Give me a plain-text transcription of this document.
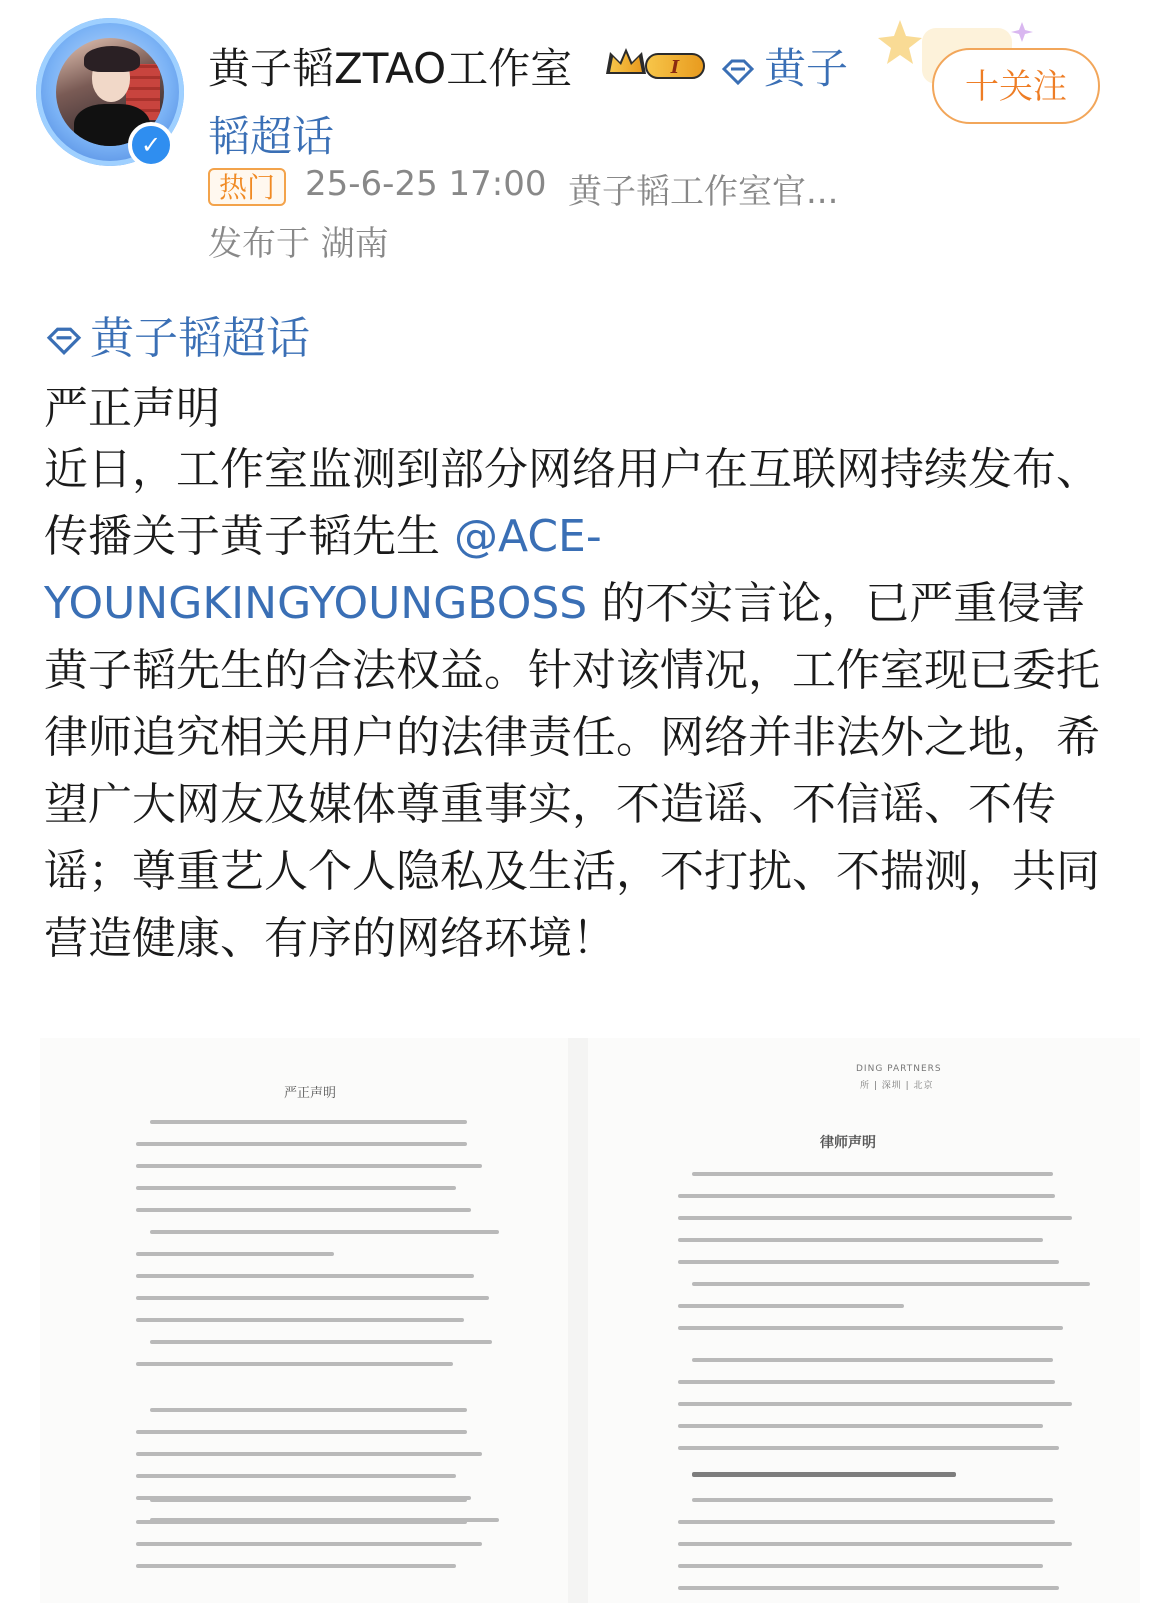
✓
黄子韬ZTAO工作室	I	黄子
韬超话
十关注
热门 25-6-25 17:00 黄子韬工作室官...
发布于 湖南
黄子韬超话
严正声明
近日，工作室监测到部分网络用户在互联网持续发布、传播关于黄子韬先生 @ACE-YOUNGKINGYOUNGBOSS 的不实言论，已严重侵害黄子韬先生的合法权益。针对该情况，工作室现已委托律师追究相关用户的法律责任。网络并非法外之地，希望广大网友及媒体尊重事实，不造谣、不信谣、不传谣；尊重艺人个人隐私及生活，不打扰、不揣测，共同营造健康、有序的网络环境！
严正声明
DING PARTNERS
所 | 深圳 | 北京
律师声明
